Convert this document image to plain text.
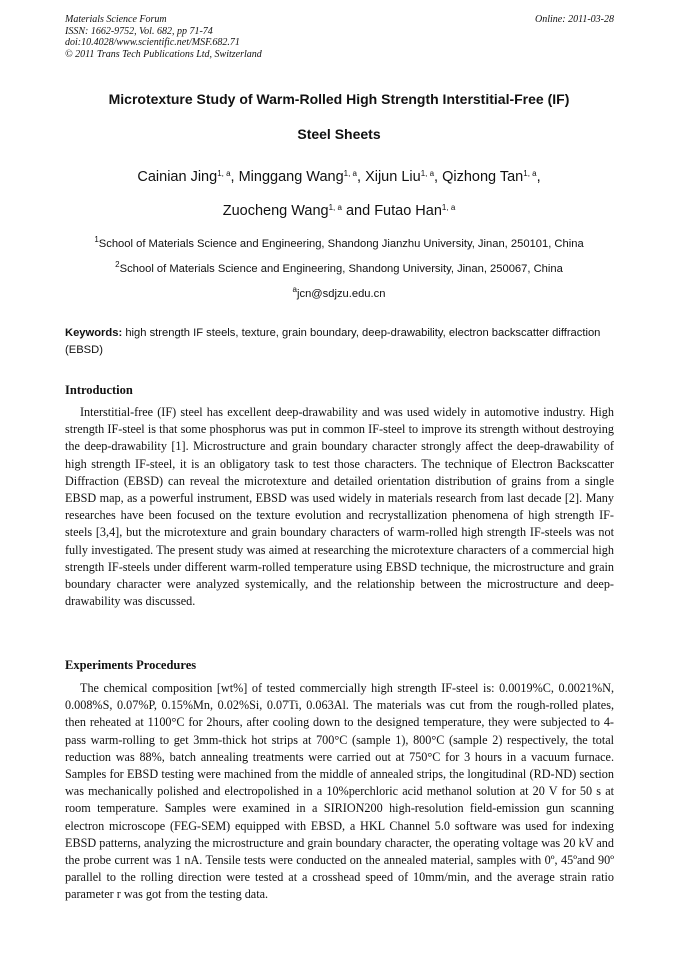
Materials Science Forum
ISSN: 1662-9752, Vol. 682, pp 71-74
doi:10.4028/www.scientific.net/MSF.682.71
© 2011 Trans Tech Publications Ltd, Switzerland
Online: 2011-03-28
Microtexture Study of Warm-Rolled High Strength Interstitial-Free (IF)
Steel Sheets
Cainian Jing$^{1, a}$, Minggang Wang$^{1, a}$, Xijun Liu$^{1, a}$, Qizhong Tan$^{1, a}$,
Zuocheng Wang$^{1, a}$ and Futao Han$^{1, a}$
$^1$School of Materials Science and Engineering, Shandong Jianzhu University, Jinan, 250101, China
$^2$School of Materials Science and Engineering, Shandong University, Jinan, 250067, China
$^a$jcn@sdjzu.edu.cn
Keywords: high strength IF steels, texture, grain boundary, deep-drawability, electron backscatter diffraction (EBSD)
Introduction

Interstitial-free (IF) steel has excellent deep-drawability and was used widely in automotive industry. High strength IF-steel is that some phosphorus was put in common IF-steel to improve its strength without destroying the deep-drawability [1]. Microstructure and grain boundary character strongly affect the deep-drawability of high strength IF-steel, it is an obligatory task to test those characters. The technique of Electron Backscatter Diffraction (EBSD) can reveal the microtexture and detailed orientation distribution of grains from a single EBSD map, as a powerful instrument, EBSD was used widely in materials research from last decade [2]. Many researches have been focused on the texture evolution and recrystallization phenomena of high strength IF-steels [3,4], but the microtexture and grain boundary characters of warm-rolled high strength IF-steels was not fully investigated. The present study was aimed at researching the microtexture characters of a commercial high strength IF-steels under different warm-rolled temperature using EBSD technique, the microstructure and grain boundary character were analyzed systemically, and the relationship between the microstructure and deep-drawability was discussed.

Experiments Procedures

The chemical composition [wt%] of tested commercially high strength IF-steel is: 0.0019%C, 0.0021%N, 0.008%S, 0.07%P, 0.15%Mn, 0.02%Si, 0.07Ti, 0.063Al. The materials was cut from the rough-rolled plates, then reheated at 1100°C for 2hours, after cooling down to the designed temperature, they were subjected to 4-pass warm-rolling to get 3mm-thick hot strips at 700°C (sample 1), 800°C (sample 2) respectively, the total reduction was 88%, batch annealing treatments were carried out at 750°C for 3 hours in a vacuum furnace. Samples for EBSD testing were machined from the middle of annealed strips, the longitudinal (RD-ND) section was mechanically polished and electropolished in a 10%perchloric acid methanol solution at 20 V for 50 s at room temperature. Samples were examined in a SIRION200 high-resolution field-emission gun scanning electron microscope (FEG-SEM) equipped with EBSD, a HKL Channel 5.0 software was used for indexing EBSD patterns, analyzing the microstructure and grain boundary character, the operating voltage was 20 kV and the probe current was 1 nA. Tensile tests were conducted on the annealed material, samples with 0º, 45ºand 90º parallel to the rolling direction were tested at a crosshead speed of 10mm/min, and the average strain ratio parameter r was got from the testing data.
